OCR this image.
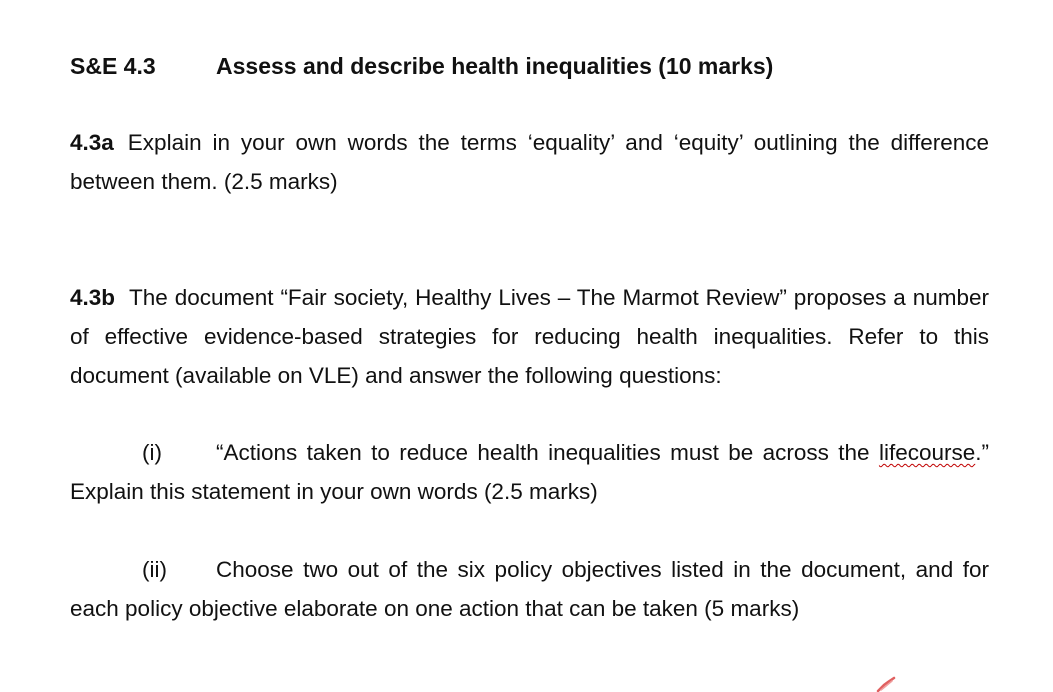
S&E 4.3	Assess and describe health inequalities (10 marks)
4.3a Explain in your own words the terms ‘equality’ and ‘equity’ outlining the difference between them. (2.5 marks)
4.3b The document “Fair society, Healthy Lives – The Marmot Review” proposes a number of effective evidence-based strategies for reducing health inequalities. Refer to this document (available on VLE) and answer the following questions:
(i) “Actions taken to reduce health inequalities must be across the lifecourse.” Explain this statement in your own words (2.5 marks)
(ii) Choose two out of the six policy objectives listed in the document, and for each policy objective elaborate on one action that can be taken (5 marks)
